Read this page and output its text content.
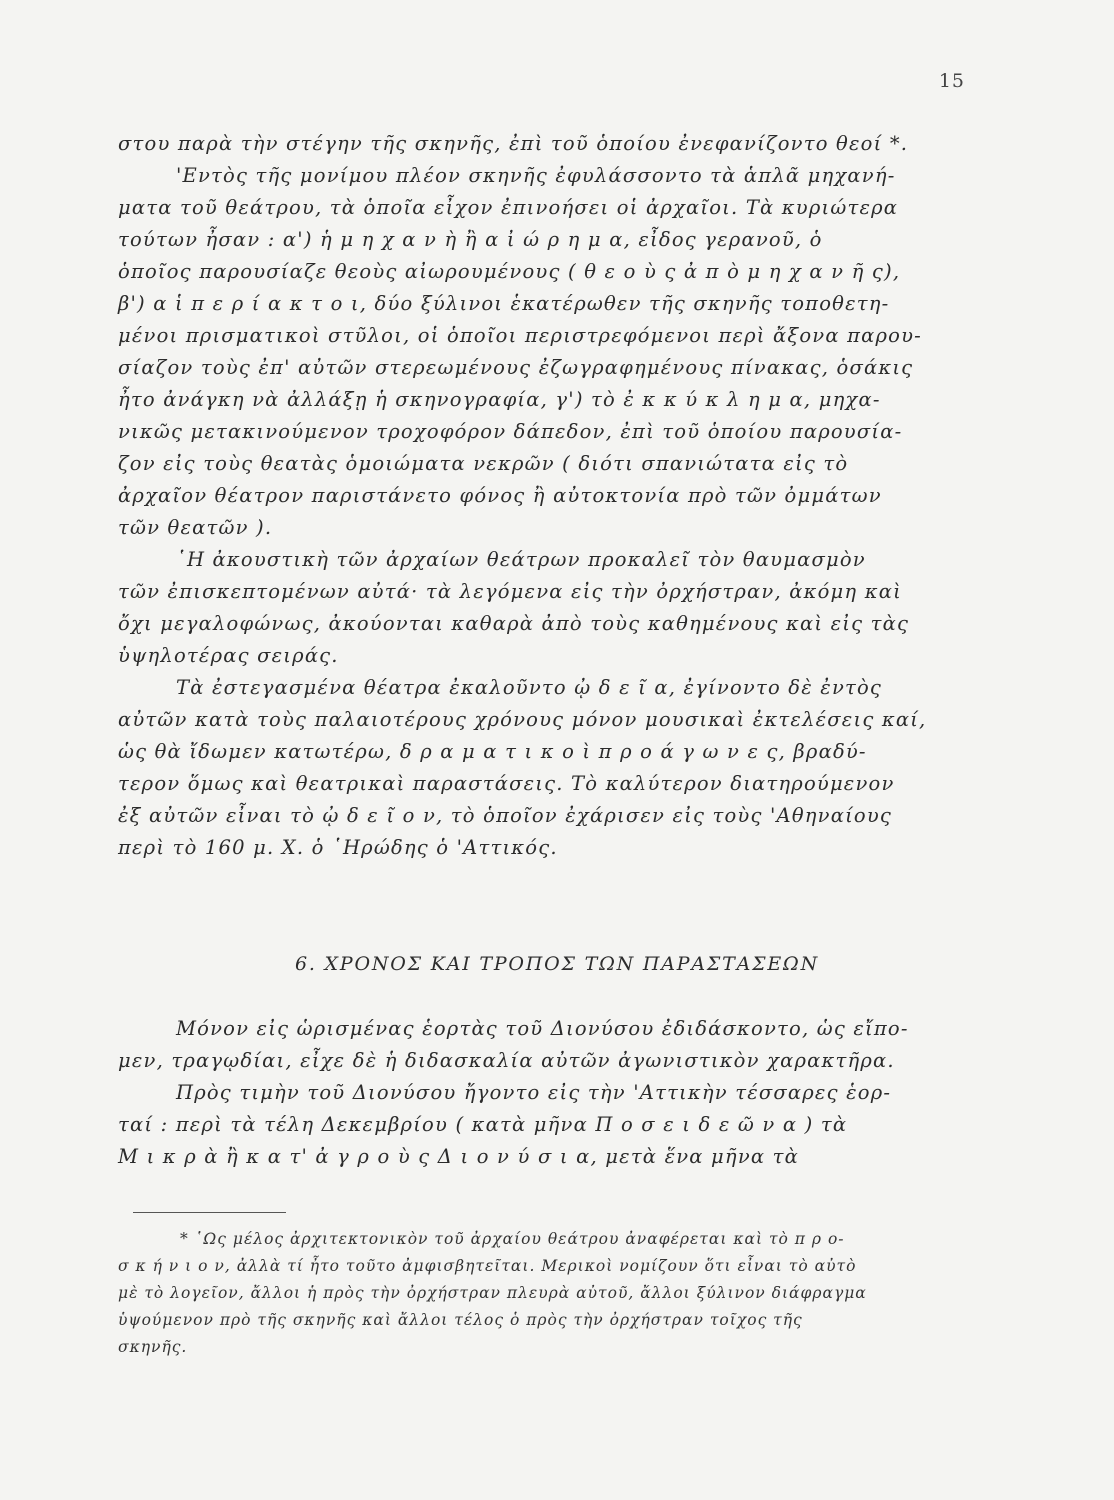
15
στου παρὰ τὴν στέγην τῆς σκηνῆς, ἐπὶ τοῦ ὁποίου ἐνεφανίζοντο θεοί *.
'Εντὸς τῆς μονίμου πλέον σκηνῆς ἐφυλάσσοντο τὰ ἁπλᾶ μηχανή-
ματα τοῦ θεάτρου, τὰ ὁποῖα εἶχον ἐπινοήσει οἱ ἀρχαῖοι. Τὰ κυριώτερα
τούτων ἦσαν : α') ἡ μ η χ α ν ὴ ἢ α ἰ ώ ρ η μ α, εἶδος γερανοῦ, ὁ
ὁποῖος παρουσίαζε θεοὺς αἰωρουμένους ( θ ε ο ὺ ς ἀ π ὸ μ η χ α ν ῆ ς),
β') α ἱ π ε ρ ί α κ τ ο ι, δύο ξύλινοι ἑκατέρωθεν τῆς σκηνῆς τοποθετη-
μένοι πρισματικοὶ στῦλοι, οἱ ὁποῖοι περιστρεφόμενοι περὶ ἄξονα παρου-
σίαζον τοὺς ἐπ' αὐτῶν στερεωμένους ἐζωγραφημένους πίνακας, ὁσάκις
ἦτο ἀνάγκη νὰ ἀλλάξῃ ἡ σκηνογραφία, γ') τὸ ἐ κ κ ύ κ λ η μ α, μηχα-
νικῶς μετακινούμενον τροχοφόρον δάπεδον, ἐπὶ τοῦ ὁποίου παρουσία-
ζον εἰς τοὺς θεατὰς ὁμοιώματα νεκρῶν ( διότι σπανιώτατα εἰς τὸ
ἀρχαῖον θέατρον παριστάνετο φόνος ἢ αὐτοκτονία πρὸ τῶν ὀμμάτων
τῶν θεατῶν ).
῾Η ἀκουστικὴ τῶν ἀρχαίων θεάτρων προκαλεῖ τὸν θαυμασμὸν
τῶν ἐπισκεπτομένων αὐτά· τὰ λεγόμενα εἰς τὴν ὀρχήστραν, ἀκόμη καὶ
ὄχι μεγαλοφώνως, ἀκούονται καθαρὰ ἀπὸ τοὺς καθημένους καὶ εἰς τὰς
ὑψηλοτέρας σειράς.
Τὰ ἐστεγασμένα θέατρα ἐκαλοῦντο ᾠ δ ε ῖ α, ἐγίνοντο δὲ ἐντὸς
αὐτῶν κατὰ τοὺς παλαιοτέρους χρόνους μόνον μουσικαὶ ἐκτελέσεις καί,
ὡς θὰ ἴδωμεν κατωτέρω, δ ρ α μ α τ ι κ ο ὶ π ρ ο ά γ ω ν ε ς, βραδύ-
τερον ὅμως καὶ θεατρικαὶ παραστάσεις. Τὸ καλύτερον διατηρούμενον
ἐξ αὐτῶν εἶναι τὸ ᾠ δ ε ῖ ο ν, τὸ ὁποῖον ἐχάρισεν εἰς τοὺς 'Αθηναίους
περὶ τὸ 160 μ. Χ. ὁ ῾Ηρώδης ὁ 'Αττικός.
6. ΧΡΟΝΟΣ ΚΑΙ ΤΡΟΠΟΣ ΤΩΝ ΠΑΡΑΣΤΑΣΕΩΝ
Μόνον εἰς ὡρισμένας ἑορτὰς τοῦ Διονύσου ἐδιδάσκοντο, ὡς εἴπο-
μεν, τραγῳδίαι, εἶχε δὲ ἡ διδασκαλία αὐτῶν ἀγωνιστικὸν χαρακτῆρα.
Πρὸς τιμὴν τοῦ Διονύσου ἤγοντο εἰς τὴν 'Αττικὴν τέσσαρες ἑορ-
ταί : περὶ τὰ τέλη Δεκεμβρίου ( κατὰ μῆνα Π ο σ ε ι δ ε ῶ ν α ) τὰ
Μ ι κ ρ ὰ ἢ κ α τ' ἀ γ ρ ο ὺ ς Δ ι ο ν ύ σ ι α, μετὰ ἕνα μῆνα τὰ
* ῾Ως μέλος ἀρχιτεκτονικὸν τοῦ ἀρχαίου θεάτρου ἀναφέρεται καὶ τὸ π ρ ο-
σ κ ή ν ι ο ν, ἀλλὰ τί ἦτο τοῦτο ἀμφισβητεῖται. Μερικοὶ νομίζουν ὅτι εἶναι τὸ αὐτὸ
μὲ τὸ λογεῖον, ἄλλοι ἡ πρὸς τὴν ὀρχήστραν πλευρὰ αὐτοῦ, ἄλλοι ξύλινον διάφραγμα
ὑψούμενον πρὸ τῆς σκηνῆς καὶ ἄλλοι τέλος ὁ πρὸς τὴν ὀρχήστραν τοῖχος τῆς
σκηνῆς.
